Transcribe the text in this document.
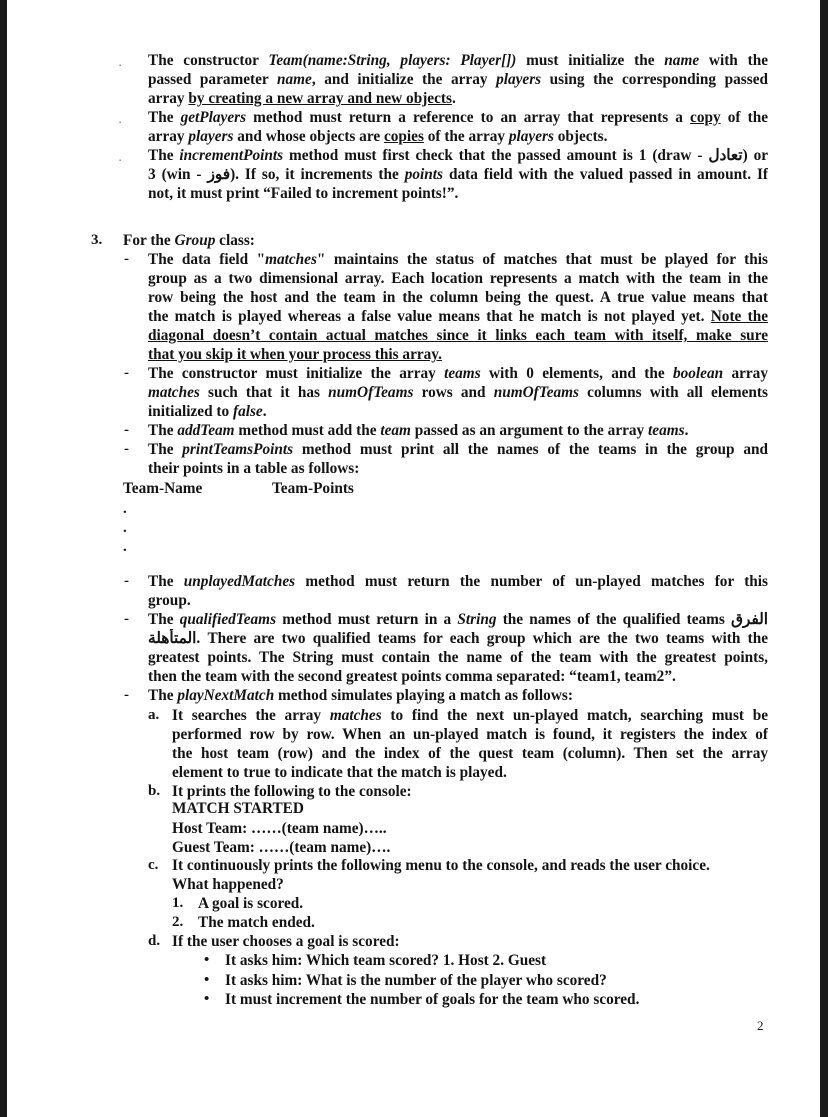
. The constructor Team(name:String, players: Player[]) must initialize the name with the
passed parameter name, and initialize the array players using the corresponding passed
array by creating a new array and new objects.
. The getPlayers method must return a reference to an array that represents a copy of the
array players and whose objects are copies of the array players objects.
. The incrementPoints method must first check that the passed amount is 1 (draw - تعادل) or
3 (win - فوز). If so, it increments the points data field with the valued passed in amount. If
not, it must print “Failed to increment points!”.
3. For the Group class:
- The data field "matches" maintains the status of matches that must be played for this
group as a two dimensional array. Each location represents a match with the team in the
row being the host and the team in the column being the quest. A true value means that
the match is played whereas a false value means that he match is not played yet. Note the
diagonal doesn’t contain actual matches since it links each team with itself, make sure
that you skip it when your process this array.
- The constructor must initialize the array teams with 0 elements, and the boolean array
matches such that it has numOfTeams rows and numOfTeams columns with all elements
initialized to false.
- The addTeam method must add the team passed as an argument to the array teams.
- The printTeamsPoints method must print all the names of the teams in the group and
their points in a table as follows:
Team-Name	Team-Points
.
.
.
- The unplayedMatches method must return the number of un-played matches for this
group.
- The qualifiedTeams method must return in a String the names of the qualified teams الفرق
المتأهلة. There are two qualified teams for each group which are the two teams with the
greatest points. The String must contain the name of the team with the greatest points,
then the team with the second greatest points comma separated: “team1, team2”.
- The playNextMatch method simulates playing a match as follows:
a. It searches the array matches to find the next un-played match, searching must be
performed row by row. When an un-played match is found, it registers the index of
the host team (row) and the index of the quest team (column). Then set the array
element to true to indicate that the match is played.
b. It prints the following to the console:
MATCH STARTED
Host Team: ……(team name)…..
Guest Team: ……(team name)….
c. It continuously prints the following menu to the console, and reads the user choice.
What happened?
1. A goal is scored.
2. The match ended.
d. If the user chooses a goal is scored:
• It asks him: Which team scored? 1. Host 2. Guest
• It asks him: What is the number of the player who scored?
• It must increment the number of goals for the team who scored.
2
